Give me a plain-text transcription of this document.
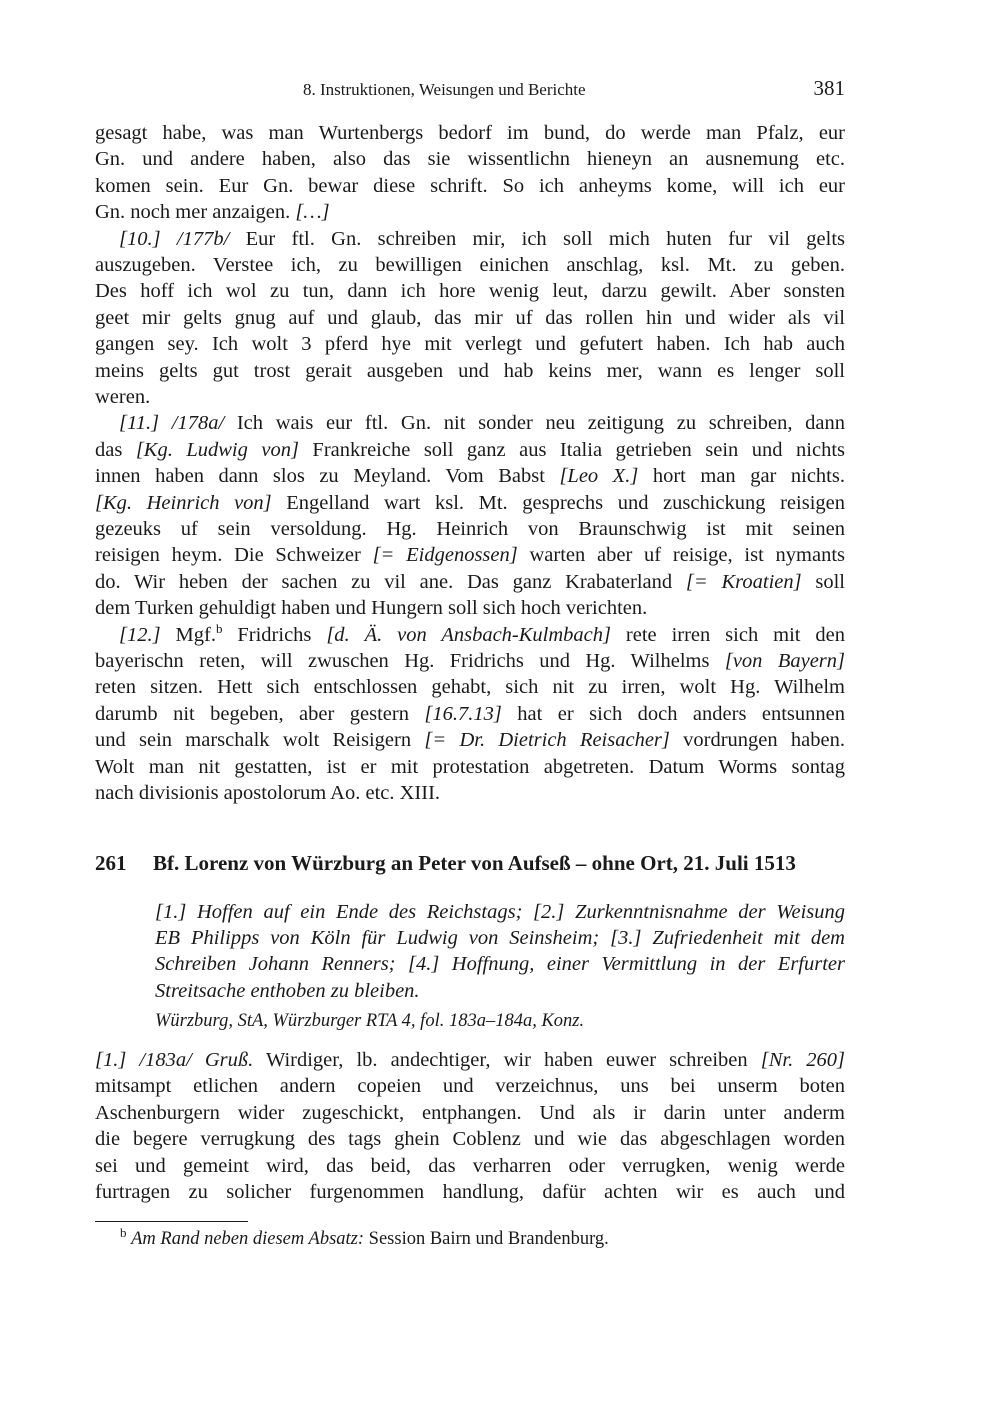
8. Instruktionen, Weisungen und Berichte	381
gesagt habe, was man Wurtenbergs bedorf im bund, do werde man Pfalz, eur
Gn. und andere haben, also das sie wissentlichn hieneyn an ausnemung etc.
komen sein. Eur Gn. bewar diese schrift. So ich anheyms kome, will ich eur
Gn. noch mer anzaigen. […]
[10.] /177b/ Eur ftl. Gn. schreiben mir, ich soll mich huten fur vil gelts
auszugeben. Verstee ich, zu bewilligen einichen anschlag, ksl. Mt. zu geben.
Des hoff ich wol zu tun, dann ich hore wenig leut, darzu gewilt. Aber sonsten
geet mir gelts gnug auf und glaub, das mir uf das rollen hin und wider als vil
gangen sey. Ich wolt 3 pferd hye mit verlegt und gefutert haben. Ich hab auch
meins gelts gut trost gerait ausgeben und hab keins mer, wann es lenger soll
weren.
[11.] /178a/ Ich wais eur ftl. Gn. nit sonder neu zeitigung zu schreiben, dann
das [Kg. Ludwig von] Frankreiche soll ganz aus Italia getrieben sein und nichts
innen haben dann slos zu Meyland. Vom Babst [Leo X.] hort man gar nichts.
[Kg. Heinrich von] Engelland wart ksl. Mt. gesprechs und zuschickung reisigen
gezeuks uf sein versoldung. Hg. Heinrich von Braunschwig ist mit seinen
reisigen heym. Die Schweizer [= Eidgenossen] warten aber uf reisige, ist nymants
do. Wir heben der sachen zu vil ane. Das ganz Krabaterland [= Kroatien] soll
dem Turken gehuldigt haben und Hungern soll sich hoch verichten.
[12.] Mgf.$^b$ Fridrichs [d. Ä. von Ansbach-Kulmbach] rete irren sich mit den
bayerischn reten, will zwuschen Hg. Fridrichs und Hg. Wilhelms [von Bayern]
reten sitzen. Hett sich entschlossen gehabt, sich nit zu irren, wolt Hg. Wilhelm
darumb nit begeben, aber gestern [16.7.13] hat er sich doch anders entsunnen
und sein marschalk wolt Reisigern [= Dr. Dietrich Reisacher] vordrungen haben.
Wolt man nit gestatten, ist er mit protestation abgetreten. Datum Worms sontag
nach divisionis apostolorum Ao. etc. XIII.
261 Bf. Lorenz von Würzburg an Peter von Aufseß – ohne Ort, 21. Juli 1513
[1.] Hoffen auf ein Ende des Reichstags; [2.] Zurkenntnisnahme der Weisung
EB Philipps von Köln für Ludwig von Seinsheim; [3.] Zufriedenheit mit dem
Schreiben Johann Renners; [4.] Hoffnung, einer Vermittlung in der Erfurter
Streitsache enthoben zu bleiben.
Würzburg, StA, Würzburger RTA 4, fol. 183a–184a, Konz.
[1.] /183a/ Gruß. Wirdiger, lb. andechtiger, wir haben euwer schreiben [Nr. 260]
mitsampt etlichen andern copeien und verzeichnus, uns bei unserm boten
Aschenburgern wider zugeschickt, entphangen. Und als ir darin unter anderm
die begere verrugkung des tags ghein Coblenz und wie das abgeschlagen worden
sei und gemeint wird, das beid, das verharren oder verrugken, wenig werde
furtragen zu solicher furgenommen handlung, dafür achten wir es auch und
$^b$ Am Rand neben diesem Absatz: Session Bairn und Brandenburg.
